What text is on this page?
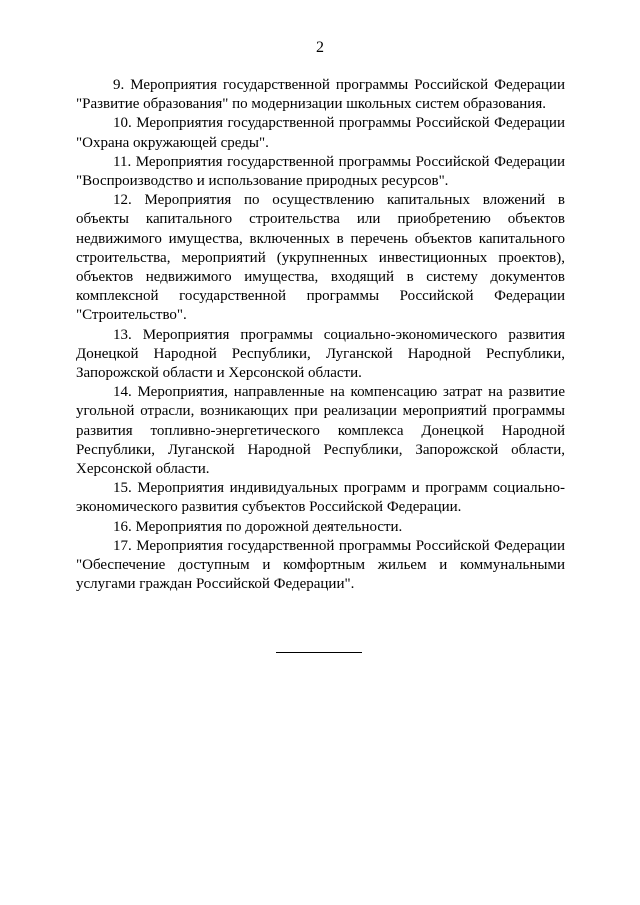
2

9. Мероприятия государственной программы Российской Федерации "Развитие образования" по модернизации школьных систем образования.

10. Мероприятия государственной программы Российской Федерации "Охрана окружающей среды".

11. Мероприятия государственной программы Российской Федерации "Воспроизводство и использование природных ресурсов".

12. Мероприятия по осуществлению капитальных вложений в объекты капитального строительства или приобретению объектов недвижимого имущества, включенных в перечень объектов капитального строительства, мероприятий (укрупненных инвестиционных проектов), объектов недвижимого имущества, входящий в систему документов комплексной государственной программы Российской Федерации "Строительство".

13. Мероприятия программы социально-экономического развития Донецкой Народной Республики, Луганской Народной Республики, Запорожской области и Херсонской области.

14. Мероприятия, направленные на компенсацию затрат на развитие угольной отрасли, возникающих при реализации мероприятий программы развития топливно-энергетического комплекса Донецкой Народной Республики, Луганской Народной Республики, Запорожской области, Херсонской области.

15. Мероприятия индивидуальных программ и программ социально-экономического развития субъектов Российской Федерации.

16. Мероприятия по дорожной деятельности.

17. Мероприятия государственной программы Российской Федерации "Обеспечение доступным и комфортным жильем и коммунальными услугами граждан Российской Федерации".
